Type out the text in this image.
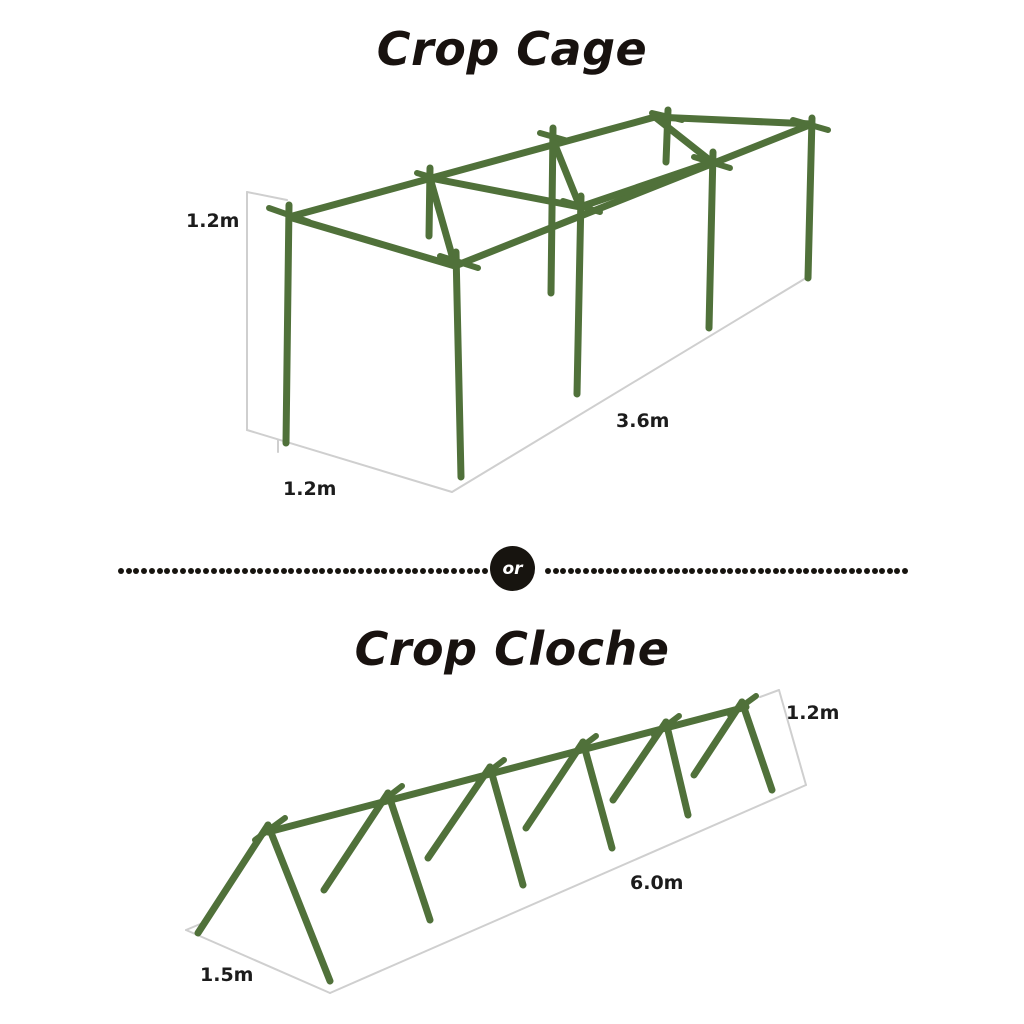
Crop Cage
1.2m
1.2m
3.6m
or
Crop Cloche
1.2m
1.5m
6.0m
